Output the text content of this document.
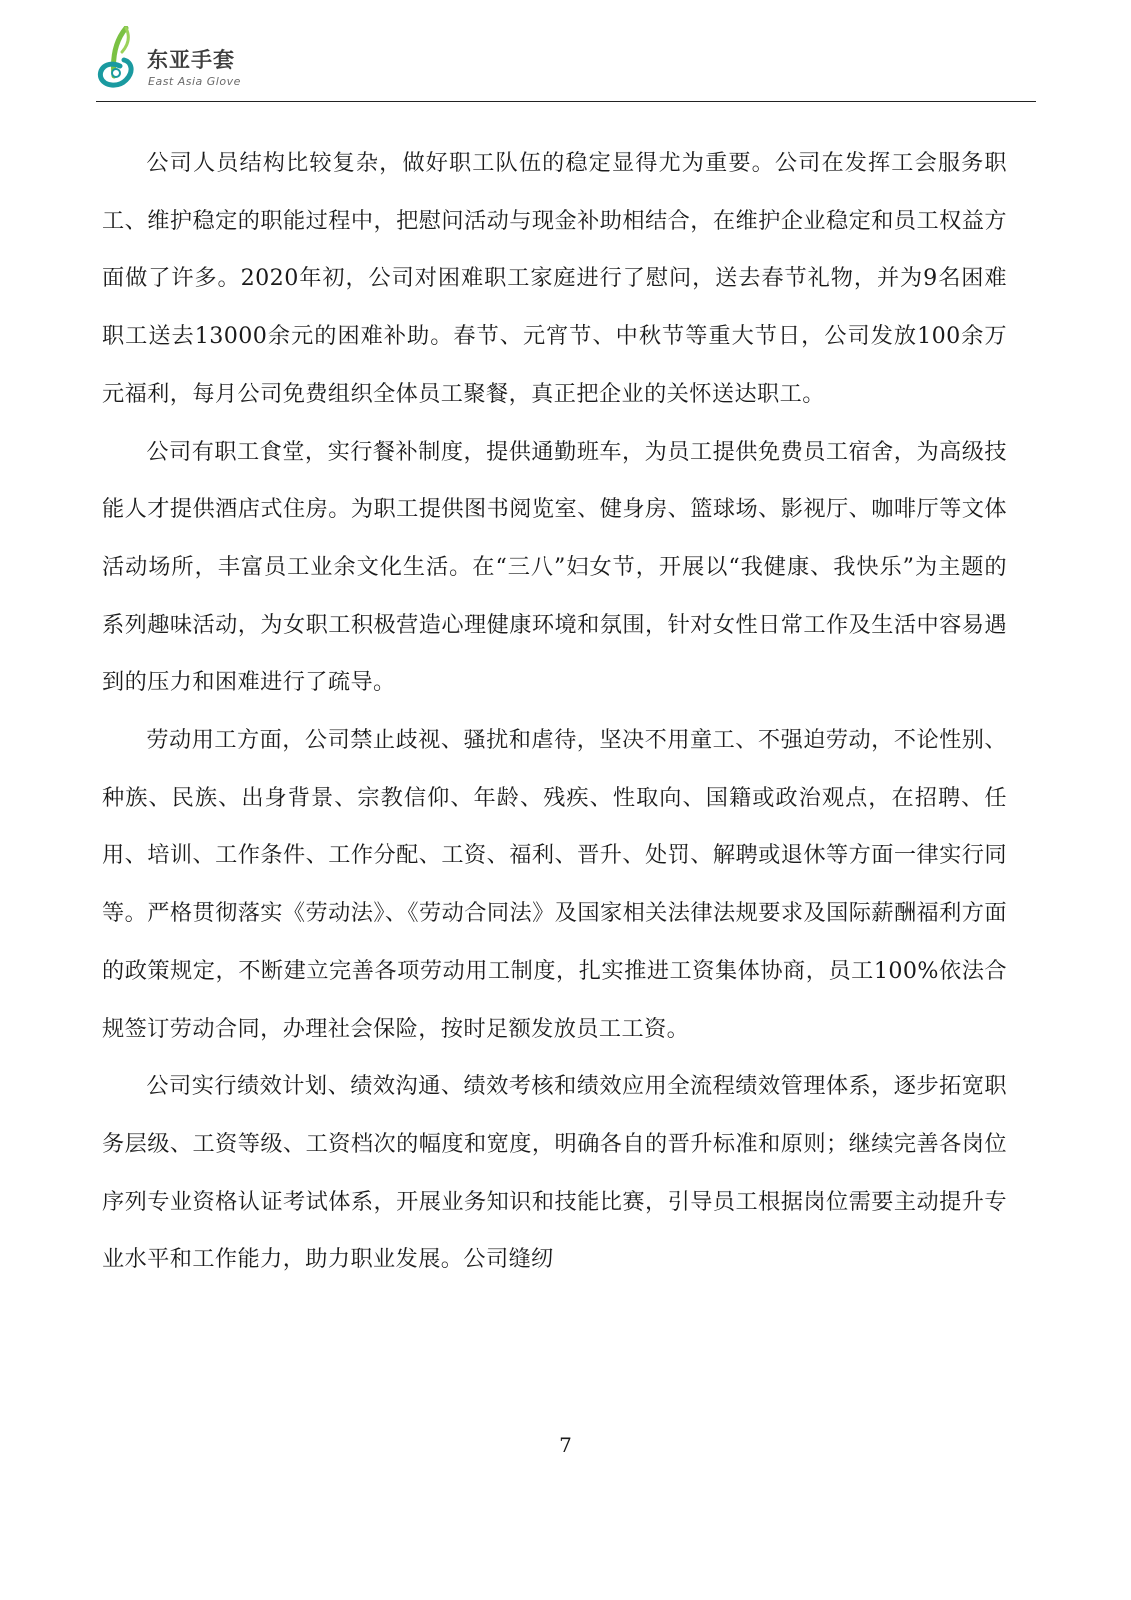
东亚手套
East Asia Glove

公司人员结构比较复杂，做好职工队伍的稳定显得尤为重要。公司在发挥工会服务职工、维护稳定的职能过程中，把慰问活动与现金补助相结合，在维护企业稳定和员工权益方面做了许多。2020年初，公司对困难职工家庭进行了慰问，送去春节礼物，并为9名困难职工送去13000余元的困难补助。春节、元宵节、中秋节等重大节日，公司发放100余万元福利，每月公司免费组织全体员工聚餐，真正把企业的关怀送达职工。

公司有职工食堂，实行餐补制度，提供通勤班车，为员工提供免费员工宿舍，为高级技能人才提供酒店式住房。为职工提供图书阅览室、健身房、篮球场、影视厅、咖啡厅等文体活动场所，丰富员工业余文化生活。在“三八”妇女节，开展以“我健康、我快乐”为主题的系列趣味活动，为女职工积极营造心理健康环境和氛围，针对女性日常工作及生活中容易遇到的压力和困难进行了疏导。

劳动用工方面，公司禁止歧视、骚扰和虐待，坚决不用童工、不强迫劳动，不论性别、种族、民族、出身背景、宗教信仰、年龄、残疾、性取向、国籍或政治观点，在招聘、任用、培训、工作条件、工作分配、工资、福利、晋升、处罚、解聘或退休等方面一律实行同等。严格贯彻落实《劳动法》、《劳动合同法》及国家相关法律法规要求及国际薪酬福利方面的政策规定，不断建立完善各项劳动用工制度，扎实推进工资集体协商，员工100%依法合规签订劳动合同，办理社会保险，按时足额发放员工工资。

公司实行绩效计划、绩效沟通、绩效考核和绩效应用全流程绩效管理体系，逐步拓宽职务层级、工资等级、工资档次的幅度和宽度，明确各自的晋升标准和原则；继续完善各岗位序列专业资格认证考试体系，开展业务知识和技能比赛，引导员工根据岗位需要主动提升专业水平和工作能力，助力职业发展。公司缝纫

7
